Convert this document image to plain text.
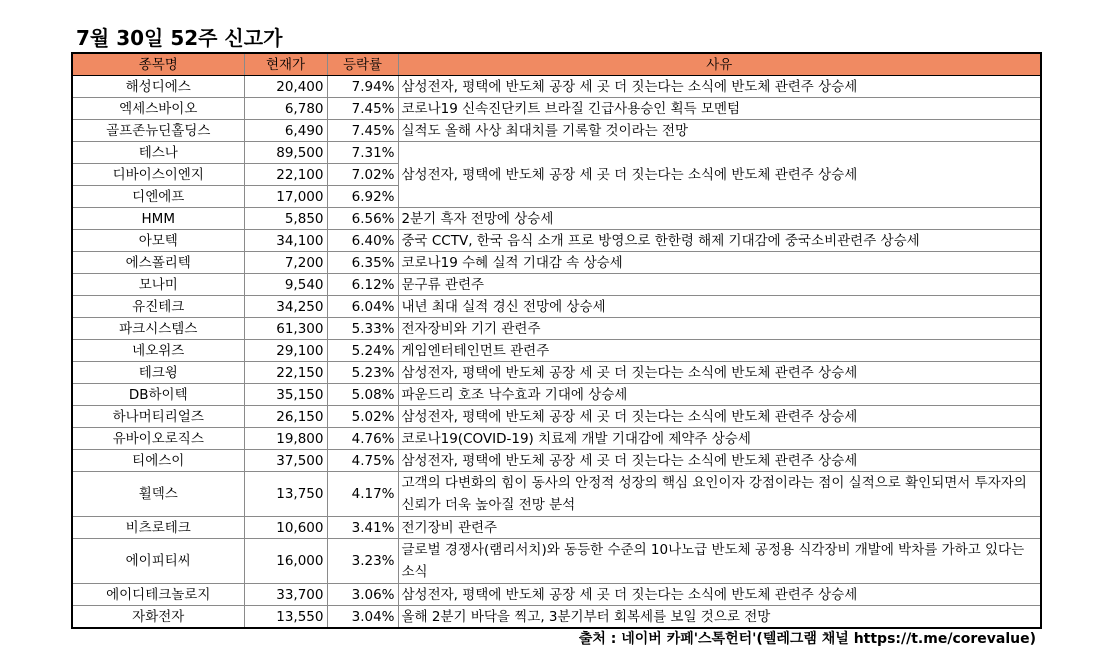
7월 30일 52주 신고가
종목명	현재가	등락률	사유
해성디에스	20,400	7.94%	삼성전자, 평택에 반도체 공장 세 곳 더 짓는다는 소식에 반도체 관련주 상승세
엑세스바이오	6,780	7.45%	코로나19 신속진단키트 브라질 긴급사용승인 획득 모멘텀
골프존뉴딘홀딩스	6,490	7.45%	실적도 올해 사상 최대치를 기록할 것이라는 전망
테스나	89,500	7.31%	삼성전자, 평택에 반도체 공장 세 곳 더 짓는다는 소식에 반도체 관련주 상승세
디바이스이엔지	22,100	7.02%	
디엔에프	17,000	6.92%	
HMM	5,850	6.56%	2분기 흑자 전망에 상승세
아모텍	34,100	6.40%	중국 CCTV, 한국 음식 소개 프로 방영으로 한한령 해제 기대감에 중국소비관련주 상승세
에스폴리텍	7,200	6.35%	코로나19 수혜 실적 기대감 속 상승세
모나미	9,540	6.12%	문구류 관련주
유진테크	34,250	6.04%	내년 최대 실적 경신 전망에 상승세
파크시스템스	61,300	5.33%	전자장비와 기기 관련주
네오위즈	29,100	5.24%	게임엔터테인먼트 관련주
테크윙	22,150	5.23%	삼성전자, 평택에 반도체 공장 세 곳 더 짓는다는 소식에 반도체 관련주 상승세
DB하이텍	35,150	5.08%	파운드리 호조 낙수효과 기대에 상승세
하나머티리얼즈	26,150	5.02%	삼성전자, 평택에 반도체 공장 세 곳 더 짓는다는 소식에 반도체 관련주 상승세
유바이오로직스	19,800	4.76%	코로나19(COVID-19) 치료제 개발 기대감에 제약주 상승세
티에스이	37,500	4.75%	삼성전자, 평택에 반도체 공장 세 곳 더 짓는다는 소식에 반도체 관련주 상승세
휠덱스	13,750	4.17%	고객의 다변화의 힘이 동사의 안정적 성장의 핵심 요인이자 강점이라는 점이 실적으로 확인되면서 투자자의 신뢰가 더욱 높아질 전망 분석
비츠로테크	10,600	3.41%	전기장비 관련주
에이피티씨	16,000	3.23%	글로벌 경쟁사(램리서치)와 동등한 수준의 10나노급 반도체 공정용 식각장비 개발에 박차를 가하고 있다는 소식
에이디테크놀로지	33,700	3.06%	삼성전자, 평택에 반도체 공장 세 곳 더 짓는다는 소식에 반도체 관련주 상승세
자화전자	13,550	3.04%	올해 2분기 바닥을 찍고, 3분기부터 회복세를 보일 것으로 전망
출처 : 네이버 카페'스톡헌터'(텔레그램 채널 https://t.me/corevalue)
